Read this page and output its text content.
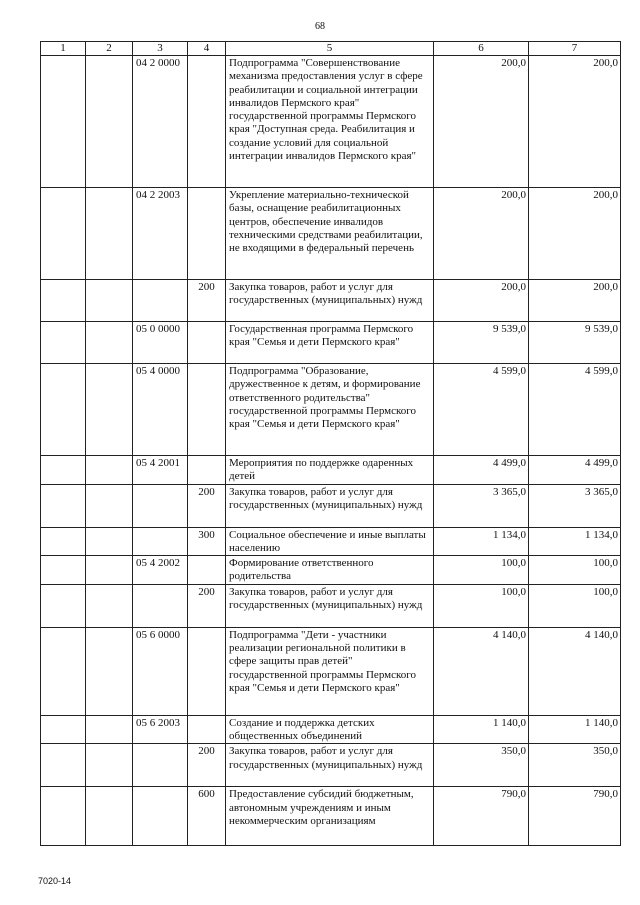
68
1	2	3	4	5	6	7
		04 2 0000		Подпрограмма "Совершенствование механизма предоставления услуг в сфере реабилитации и социальной интеграции инвалидов Пермского края" государственной программы Пермского края "Доступная среда. Реабилитация и создание условий для социальной интеграции инвалидов Пермского края"	200,0	200,0
		04 2 2003		Укрепление материально-технической базы, оснащение реабилитационных центров, обеспечение инвалидов техническими средствами реабилитации, не входящими в федеральный перечень	200,0	200,0
			200	Закупка товаров, работ и услуг для государственных (муниципальных) нужд	200,0	200,0
		05 0 0000		Государственная программа Пермского края "Семья и дети Пермского края"	9 539,0	9 539,0
		05 4 0000		Подпрограмма "Образование, дружественное к детям, и формирование ответственного родительства" государственной программы Пермского края "Семья и дети Пермского края"	4 599,0	4 599,0
		05 4 2001		Мероприятия по поддержке одаренных детей	4 499,0	4 499,0
			200	Закупка товаров, работ и услуг для государственных (муниципальных) нужд	3 365,0	3 365,0
			300	Социальное обеспечение и иные выплаты населению	1 134,0	1 134,0
		05 4 2002		Формирование ответственного родительства	100,0	100,0
			200	Закупка товаров, работ и услуг для государственных (муниципальных) нужд	100,0	100,0
		05 6 0000		Подпрограмма "Дети - участники реализации региональной политики в сфере защиты прав детей" государственной программы Пермского края "Семья и дети Пермского края"	4 140,0	4 140,0
		05 6 2003		Создание и поддержка детских общественных объединений	1 140,0	1 140,0
			200	Закупка товаров, работ и услуг для государственных (муниципальных) нужд	350,0	350,0
			600	Предоставление субсидий бюджетным, автономным учреждениям и иным некоммерческим организациям	790,0	790,0
7020-14
